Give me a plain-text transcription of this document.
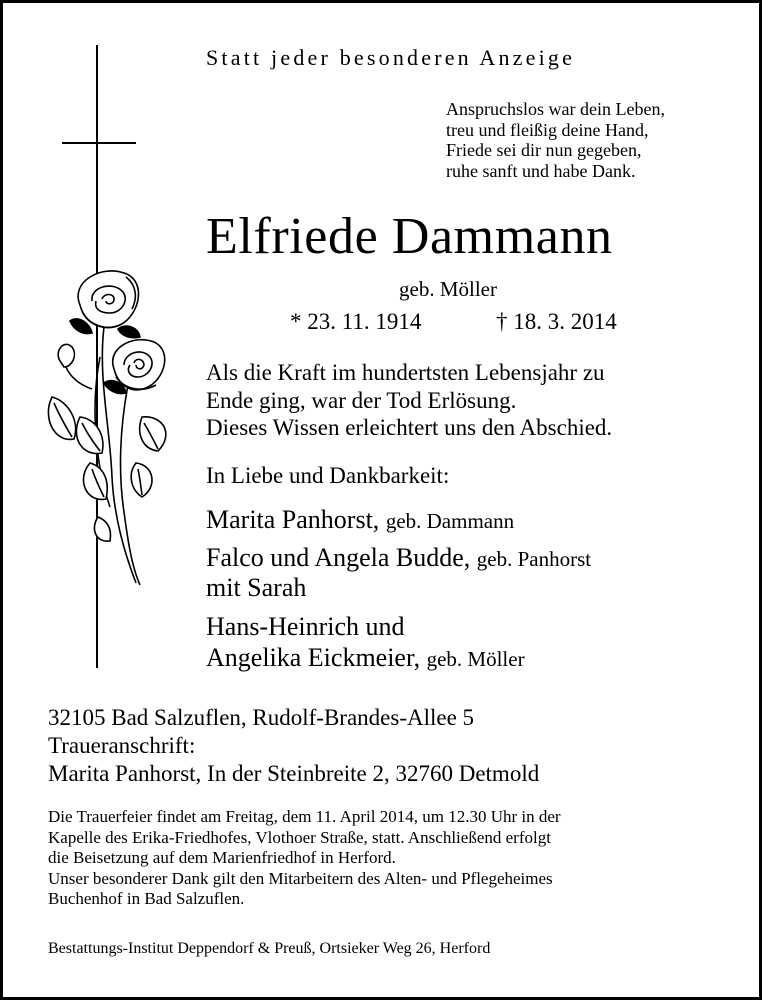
Statt jeder besonderen Anzeige
Anspruchslos war dein Leben,
treu und fleißig deine Hand,
Friede sei dir nun gegeben,
ruhe sanft und habe Dank.
Elfriede Dammann
geb. Möller
* 23. 11. 1914	† 18. 3. 2014
Als die Kraft im hundertsten Lebensjahr zu
Ende ging, war der Tod Erlösung.
Dieses Wissen erleichtert uns den Abschied.
In Liebe und Dankbarkeit:
Marita Panhorst, geb. Dammann
Falco und Angela Budde, geb. Panhorst
mit Sarah
Hans-Heinrich und
Angelika Eickmeier, geb. Möller
32105 Bad Salzuflen, Rudolf-Brandes-Allee 5
Traueranschrift:
Marita Panhorst, In der Steinbreite 2, 32760 Detmold
Die Trauerfeier findet am Freitag, dem 11. April 2014, um 12.30 Uhr in der
Kapelle des Erika-Friedhofes, Vlothoer Straße, statt. Anschließend erfolgt
die Beisetzung auf dem Marienfriedhof in Herford.
Unser besonderer Dank gilt den Mitarbeitern des Alten- und Pflegeheimes
Buchenhof in Bad Salzuflen.
Bestattungs-Institut Deppendorf & Preuß, Ortsieker Weg 26, Herford
